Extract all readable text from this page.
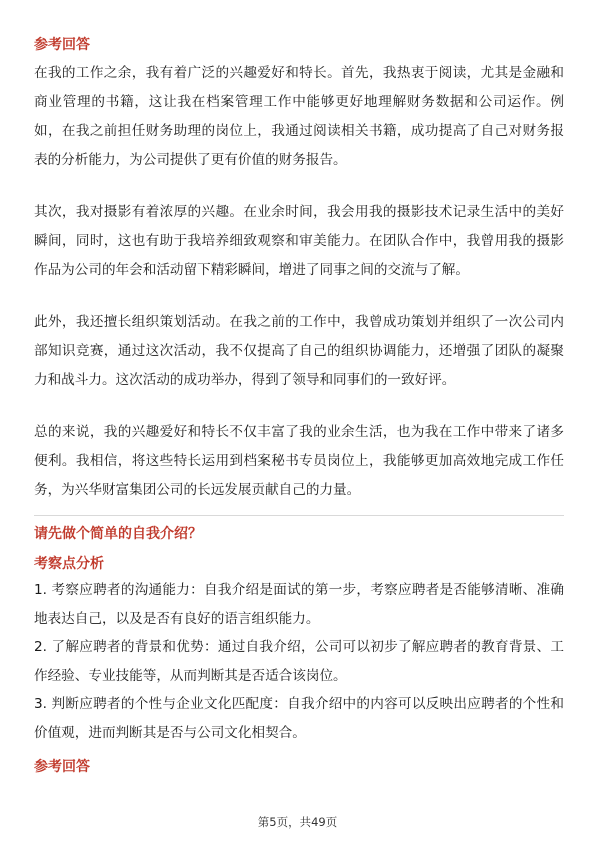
参考回答

在我的工作之余，我有着广泛的兴趣爱好和特长。首先，我热衷于阅读，尤其是金融和商业管理的书籍，这让我在档案管理工作中能够更好地理解财务数据和公司运作。例如，在我之前担任财务助理的岗位上，我通过阅读相关书籍，成功提高了自己对财务报表的分析能力，为公司提供了更有价值的财务报告。

其次，我对摄影有着浓厚的兴趣。在业余时间，我会用我的摄影技术记录生活中的美好瞬间，同时，这也有助于我培养细致观察和审美能力。在团队合作中，我曾用我的摄影作品为公司的年会和活动留下精彩瞬间，增进了同事之间的交流与了解。

此外，我还擅长组织策划活动。在我之前的工作中，我曾成功策划并组织了一次公司内部知识竞赛，通过这次活动，我不仅提高了自己的组织协调能力，还增强了团队的凝聚力和战斗力。这次活动的成功举办，得到了领导和同事们的一致好评。

总的来说，我的兴趣爱好和特长不仅丰富了我的业余生活，也为我在工作中带来了诸多便利。我相信，将这些特长运用到档案秘书专员岗位上，我能够更加高效地完成工作任务，为兴华财富集团公司的长远发展贡献自己的力量。

请先做个简单的自我介绍？

考察点分析

1. 考察应聘者的沟通能力：自我介绍是面试的第一步，考察应聘者是否能够清晰、准确地表达自己，以及是否有良好的语言组织能力。

2. 了解应聘者的背景和优势：通过自我介绍，公司可以初步了解应聘者的教育背景、工作经验、专业技能等，从而判断其是否适合该岗位。

3. 判断应聘者的个性与企业文化匹配度：自我介绍中的内容可以反映出应聘者的个性和价值观，进而判断其是否与公司文化相契合。

参考回答

第5页，共49页
